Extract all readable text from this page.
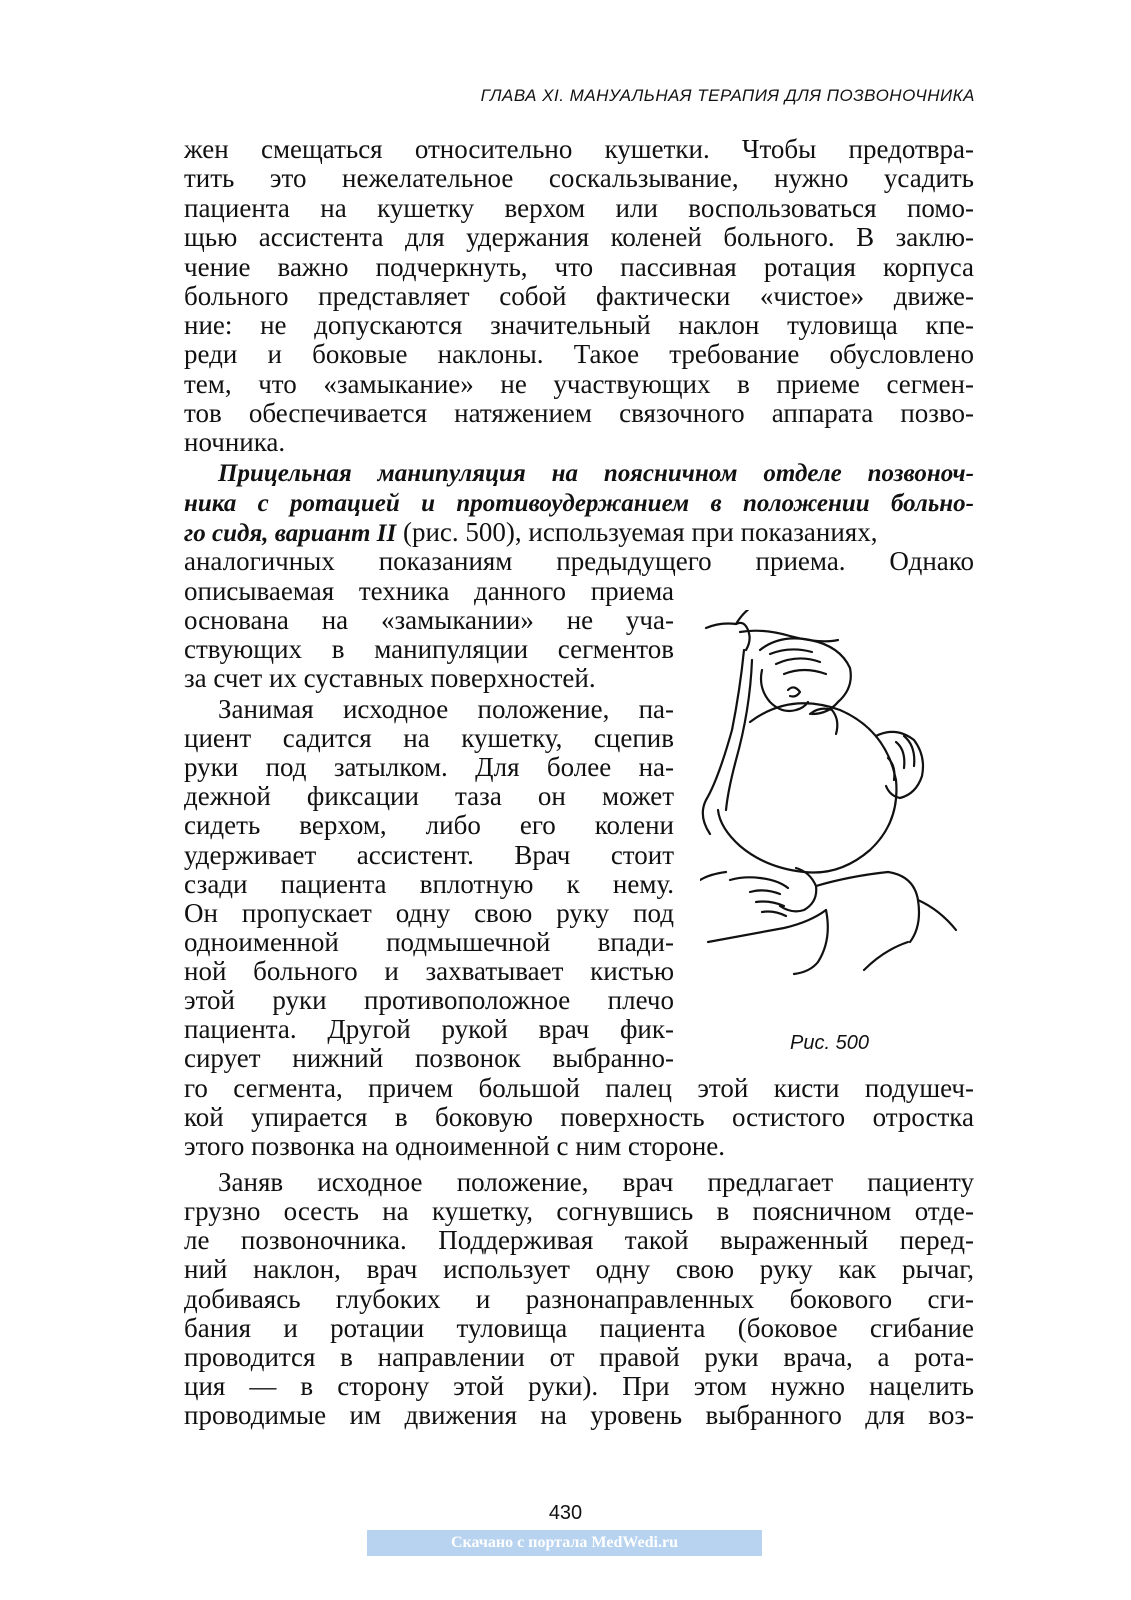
ГЛАВА XI. МАНУАЛЬНАЯ ТЕРАПИЯ ДЛЯ ПОЗВОНОЧНИКА
жен смещаться относительно кушетки. Чтобы предотвра-
тить это нежелательное соскальзывание, нужно усадить
пациента на кушетку верхом или воспользоваться помо-
щью ассистента для удержания коленей больного. В заклю-
чение важно подчеркнуть, что пассивная ротация корпуса
больного представляет собой фактически «чистое» движе-
ние: не допускаются значительный наклон туловища кпе-
реди и боковые наклоны. Такое требование обусловлено
тем, что «замыкание» не участвующих в приеме сегмен-
тов обеспечивается натяжением связочного аппарата позво-
ночника.
Прицельная манипуляция на поясничном отделе позвоноч-
ника с ротацией и противоудержанием в положении больно-
го сидя, вариант II (рис. 500), используемая при показаниях,
аналогичных показаниям предыдущего приема. Однако
описываемая техника данного приема
основана на «замыкании» не уча-
ствующих в манипуляции сегментов
за счет их суставных поверхностей.
Занимая исходное положение, па-
циент садится на кушетку, сцепив
руки под затылком. Для более на-
дежной фиксации таза он может
сидеть верхом, либо его колени
удерживает ассистент. Врач стоит
сзади пациента вплотную к нему.
Он пропускает одну свою руку под
одноименной подмышечной впади-
ной больного и захватывает кистью
этой руки противоположное плечо
пациента. Другой рукой врач фик-
сирует нижний позвонок выбранно-
го сегмента, причем большой палец этой кисти подушеч-
кой упирается в боковую поверхность остистого отростка
этого позвонка на одноименной с ним стороне.
Заняв исходное положение, врач предлагает пациенту
грузно осесть на кушетку, согнувшись в поясничном отде-
ле позвоночника. Поддерживая такой выраженный перед-
ний наклон, врач использует одну свою руку как рычаг,
добиваясь глубоких и разнонаправленных бокового сги-
бания и ротации туловища пациента (боковое сгибание
проводится в направлении от правой руки врача, а рота-
ция — в сторону этой руки). При этом нужно нацелить
проводимые им движения на уровень выбранного для воз-
Рис. 500
430
Скачано с портала MedWedi.ru
